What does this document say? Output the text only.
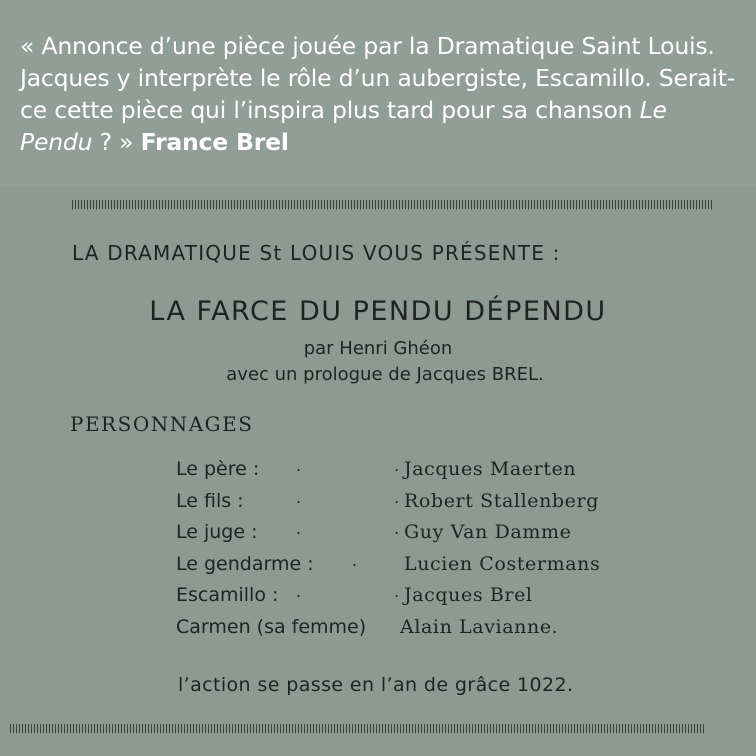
« Annonce d’une pièce jouée par la Dramatique Saint Louis. Jacques y interprète le rôle d’un aubergiste, Escamillo. Serait-ce cette pièce qui l’inspira plus tard pour sa chanson Le Pendu ? » France Brel
LA DRAMATIQUE St LOUIS VOUS PRÉSENTE :
LA FARCE DU PENDU DÉPENDU
par Henri Ghéon
avec un prologue de Jacques BREL.
PERSONNAGES
Le père : . .
Jacques Maerten
Le fils :	. .
Robert Stallenberg
Le juge : . .
Guy Van Damme
Le gendarme : . Lucien Costermans
Escamillo : . .
Jacques Brel
Carmen (sa femme) Alain Lavianne.
l’action se passe en l’an de grâce 1022.
